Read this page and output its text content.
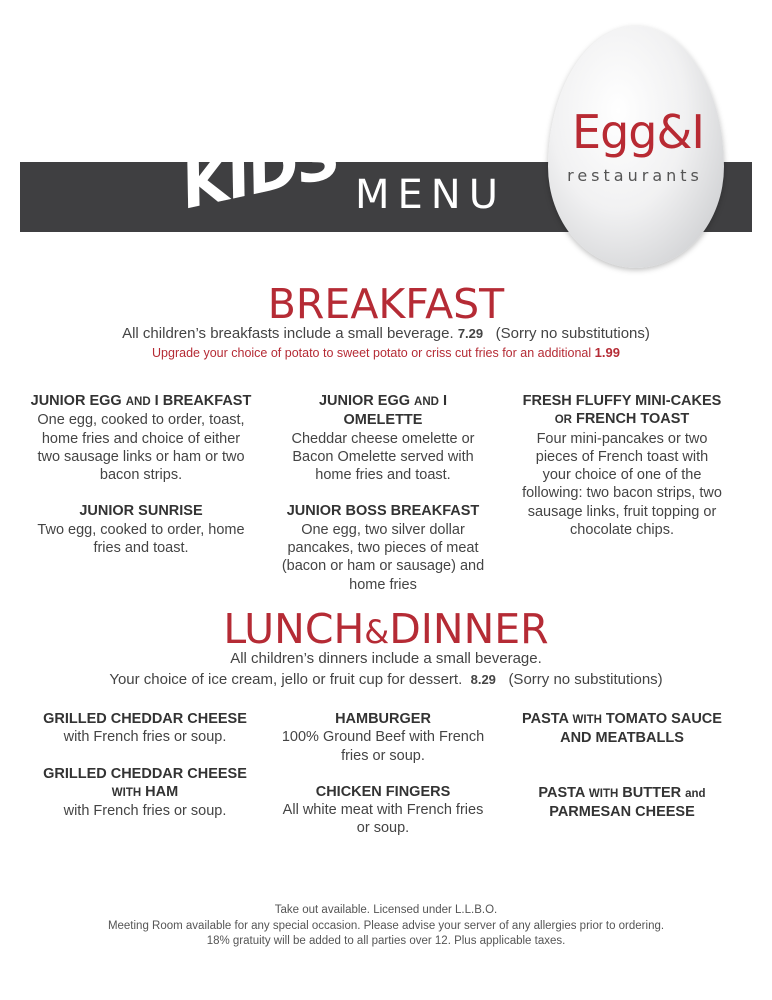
KIDS MENU
Egg&I
restaurants
BREAKFAST
All children’s breakfasts include a small beverage. 7.29 (Sorry no substitutions)
Upgrade your choice of potato to sweet potato or criss cut fries for an additional 1.99
JUNIOR EGG AND I BREAKFAST
One egg, cooked to order, toast, home fries and choice of either two sausage links or ham or two bacon strips.
JUNIOR SUNRISE
Two egg, cooked to order, home fries and toast.
JUNIOR EGG AND I OMELETTE
Cheddar cheese omelette or Bacon Omelette served with home fries and toast.
JUNIOR BOSS BREAKFAST
One egg, two silver dollar pancakes, two pieces of meat (bacon or ham or sausage) and home fries
FRESH FLUFFY MINI-CAKES
OR FRENCH TOAST
Four mini-pancakes or two pieces of French toast with your choice of one of the following: two bacon strips, two sausage links, fruit topping or chocolate chips.
LUNCH&DINNER
All children’s dinners include a small beverage.
Your choice of ice cream, jello or fruit cup for dessert. 8.29 (Sorry no substitutions)
GRILLED CHEDDAR CHEESE
with French fries or soup.
GRILLED CHEDDAR CHEESE
WITH HAM
with French fries or soup.
HAMBURGER
100% Ground Beef with French fries or soup.
CHICKEN FINGERS
All white meat with French fries or soup.
PASTA WITH TOMATO SAUCE
AND MEATBALLS
PASTA WITH BUTTER and
PARMESAN CHEESE
Take out available. Licensed under L.L.B.O.
Meeting Room available for any special occasion. Please advise your server of any allergies prior to ordering.
18% gratuity will be added to all parties over 12. Plus applicable taxes.
